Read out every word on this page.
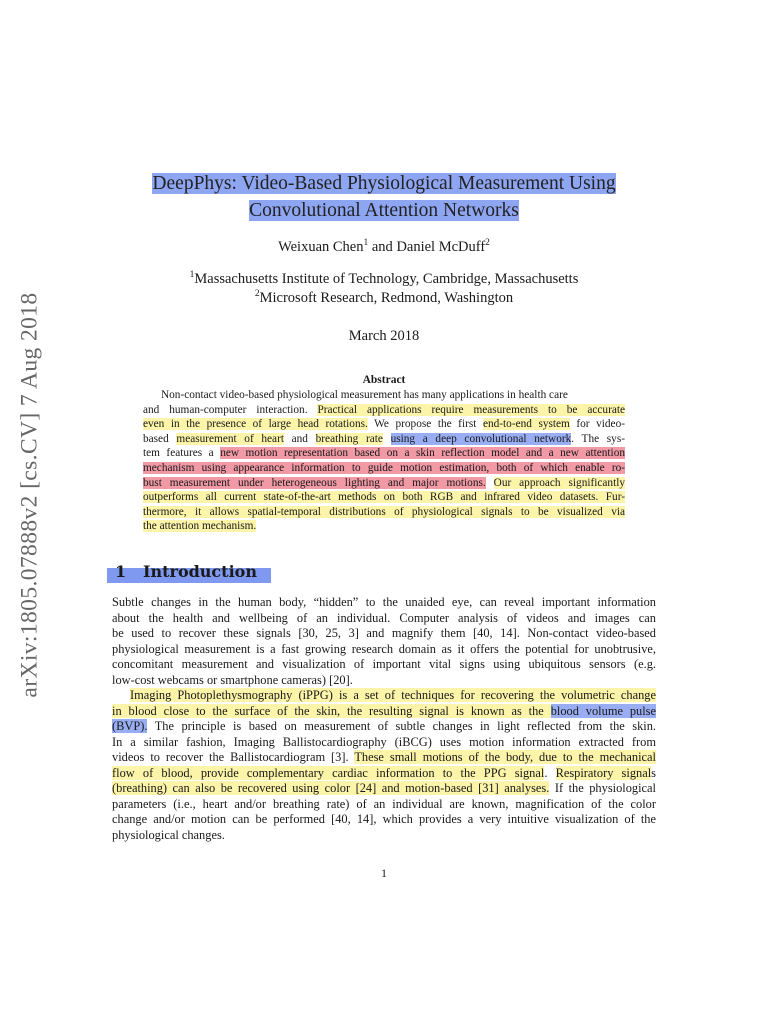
arXiv:1805.07888v2 [cs.CV] 7 Aug 2018
DeepPhys: Video-Based Physiological Measurement Using
Convolutional Attention Networks
Weixuan Chen$^1$ and Daniel McDuff$^2$
$^1$Massachusetts Institute of Technology, Cambridge, Massachusetts
$^2$Microsoft Research, Redmond, Washington
March 2018
Abstract
Non-contact video-based physiological measurement has many applications in health care
and human-computer interaction. Practical applications require measurements to be accurate
even in the presence of large head rotations. We propose the first end-to-end system for video-
based measurement of heart and breathing rate using a deep convolutional network. The sys-
tem features a new motion representation based on a skin reflection model and a new attention
mechanism using appearance information to guide motion estimation, both of which enable ro-
bust measurement under heterogeneous lighting and major motions. Our approach significantly
outperforms all current state-of-the-art methods on both RGB and infrared video datasets. Fur-
thermore, it allows spatial-temporal distributions of physiological signals to be visualized via
the attention mechanism.
1 Introduction
Subtle changes in the human body, “hidden” to the unaided eye, can reveal important information
about the health and wellbeing of an individual. Computer analysis of videos and images can
be used to recover these signals [30, 25, 3] and magnify them [40, 14]. Non-contact video-based
physiological measurement is a fast growing research domain as it offers the potential for unobtrusive,
concomitant measurement and visualization of important vital signs using ubiquitous sensors (e.g.
low-cost webcams or smartphone cameras) [20].
Imaging Photoplethysmography (iPPG) is a set of techniques for recovering the volumetric change
in blood close to the surface of the skin, the resulting signal is known as the blood volume pulse
(BVP). The principle is based on measurement of subtle changes in light reflected from the skin.
In a similar fashion, Imaging Ballistocardiography (iBCG) uses motion information extracted from
videos to recover the Ballistocardiogram [3]. These small motions of the body, due to the mechanical
flow of blood, provide complementary cardiac information to the PPG signal. Respiratory signals
(breathing) can also be recovered using color [24] and motion-based [31] analyses. If the physiological
parameters (i.e., heart and/or breathing rate) of an individual are known, magnification of the color
change and/or motion can be performed [40, 14], which provides a very intuitive visualization of the
physiological changes.
1
